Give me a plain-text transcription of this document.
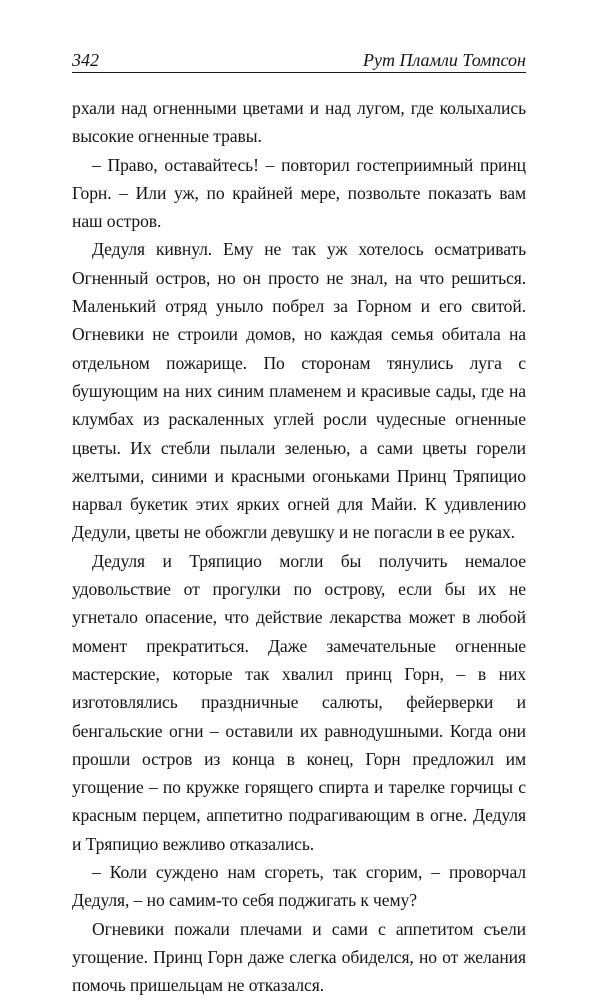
342	Рут Пламли Томпсон

рхали над огненными цветами и над лугом, где колыхались высокие огненные травы.

– Право, оставайтесь! – повторил гостеприимный принц Горн. – Или уж, по крайней мере, позвольте показать вам наш остров.

Дедуля кивнул. Ему не так уж хотелось осматривать Огненный остров, но он просто не знал, на что решиться. Маленький отряд уныло побрел за Горном и его свитой. Огневики не строили домов, но каждая семья обитала на отдельном пожарище. По сторонам тянулись луга с бушующим на них синим пламенем и красивые сады, где на клумбах из раскаленных углей росли чудесные огненные цветы. Их стебли пылали зеленью, а сами цветы горели желтыми, синими и красными огоньками Принц Тряпицио нарвал букетик этих ярких огней для Майи. К удивлению Дедули, цветы не обожгли девушку и не погасли в ее руках.

Дедуля и Тряпицио могли бы получить немалое удовольствие от прогулки по острову, если бы их не угнетало опасение, что действие лекарства может в любой момент прекратиться. Даже замечательные огненные мастерские, которые так хвалил принц Горн, – в них изготовлялись праздничные салюты, фейерверки и бенгальские огни – оставили их равнодушными. Когда они прошли остров из конца в конец, Горн предложил им угощение – по кружке горящего спирта и тарелке горчицы с красным перцем, аппетитно подрагивающим в огне. Дедуля и Тряпицио вежливо отказались.

– Коли суждено нам сгореть, так сгорим, – проворчал Дедуля, – но самим-то себя поджигать к чему?

Огневики пожали плечами и сами с аппетитом съели угощение. Принц Горн даже слегка обиделся, но от желания помочь пришельцам не отказался.
